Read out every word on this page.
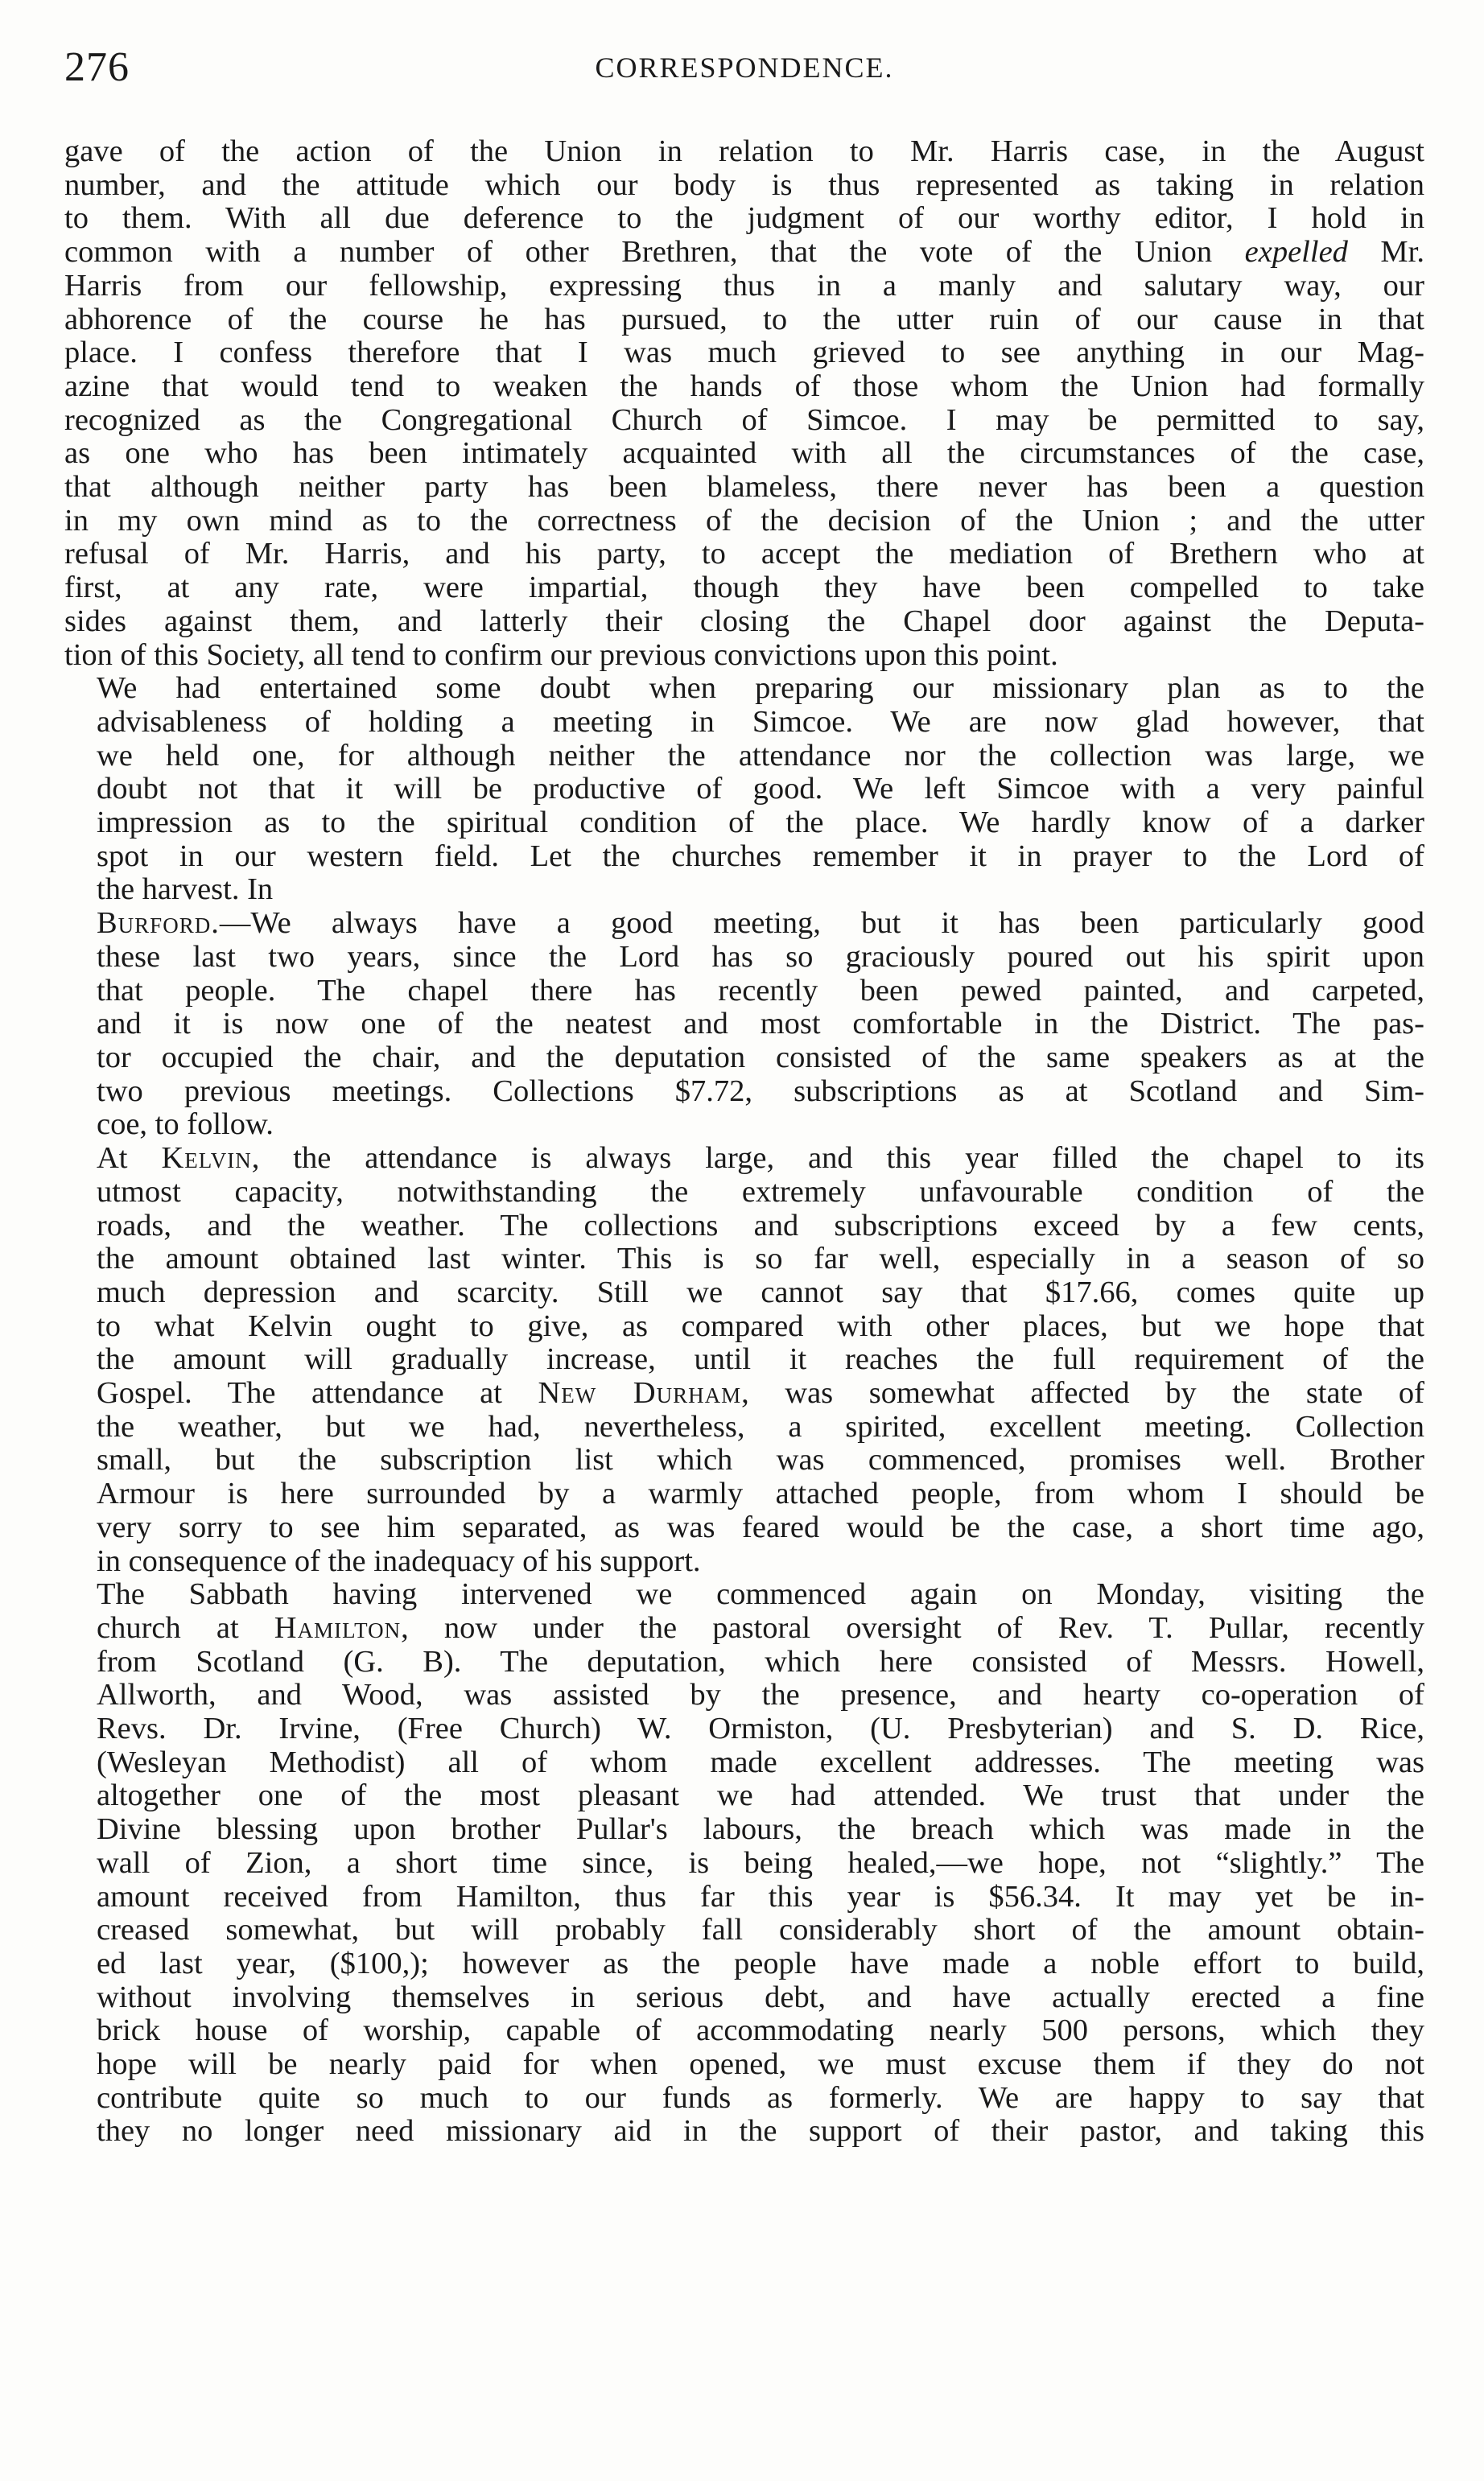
276	CORRESPONDENCE.

gave of the action of the Union in relation to Mr. Harris case, in the August
number, and the attitude which our body is thus represented as taking in relation
to them. With all due deference to the judgment of our worthy editor, I hold in
common with a number of other Brethren, that the vote of the Union expelled Mr.
Harris from our fellowship, expressing thus in a manly and salutary way, our
abhorence of the course he has pursued, to the utter ruin of our cause in that
place. I confess therefore that I was much grieved to see anything in our Mag-
azine that would tend to weaken the hands of those whom the Union had formally
recognized as the Congregational Church of Simcoe. I may be permitted to say,
as one who has been intimately acquainted with all the circumstances of the case,
that although neither party has been blameless, there never has been a question
in my own mind as to the correctness of the decision of the Union ; and the utter
refusal of Mr. Harris, and his party, to accept the mediation of Brethern who at
first, at any rate, were impartial, though they have been compelled to take
sides against them, and latterly their closing the Chapel door against the Deputa-
tion of this Society, all tend to confirm our previous convictions upon this point.

We had entertained some doubt when preparing our missionary plan as to the
advisableness of holding a meeting in Simcoe. We are now glad however, that
we held one, for although neither the attendance nor the collection was large, we
doubt not that it will be productive of good. We left Simcoe with a very painful
impression as to the spiritual condition of the place. We hardly know of a darker
spot in our western field. Let the churches remember it in prayer to the Lord of
the harvest. In

Burford.—We always have a good meeting, but it has been particularly good
these last two years, since the Lord has so graciously poured out his spirit upon
that people. The chapel there has recently been pewed painted, and carpeted,
and it is now one of the neatest and most comfortable in the District. The pas-
tor occupied the chair, and the deputation consisted of the same speakers as at the
two previous meetings. Collections $7.72, subscriptions as at Scotland and Sim-
coe, to follow.

At Kelvin, the attendance is always large, and this year filled the chapel to its
utmost capacity, notwithstanding the extremely unfavourable condition of the
roads, and the weather. The collections and subscriptions exceed by a few cents,
the amount obtained last winter. This is so far well, especially in a season of so
much depression and scarcity. Still we cannot say that $17.66, comes quite up
to what Kelvin ought to give, as compared with other places, but we hope that
the amount will gradually increase, until it reaches the full requirement of the
Gospel. The attendance at New Durham, was somewhat affected by the state of
the weather, but we had, nevertheless, a spirited, excellent meeting. Collection
small, but the subscription list which was commenced, promises well. Brother
Armour is here surrounded by a warmly attached people, from whom I should be
very sorry to see him separated, as was feared would be the case, a short time ago,
in consequence of the inadequacy of his support.

The Sabbath having intervened we commenced again on Monday, visiting the
church at Hamilton, now under the pastoral oversight of Rev. T. Pullar, recently
from Scotland (G. B). The deputation, which here consisted of Messrs. Howell,
Allworth, and Wood, was assisted by the presence, and hearty co-operation of
Revs. Dr. Irvine, (Free Church) W. Ormiston, (U. Presbyterian) and S. D. Rice,
(Wesleyan Methodist) all of whom made excellent addresses. The meeting was
altogether one of the most pleasant we had attended. We trust that under the
Divine blessing upon brother Pullar's labours, the breach which was made in the
wall of Zion, a short time since, is being healed,—we hope, not “slightly.” The
amount received from Hamilton, thus far this year is $56.34. It may yet be in-
creased somewhat, but will probably fall considerably short of the amount obtain-
ed last year, ($100,); however as the people have made a noble effort to build,
without involving themselves in serious debt, and have actually erected a fine
brick house of worship, capable of accommodating nearly 500 persons, which they
hope will be nearly paid for when opened, we must excuse them if they do not
contribute quite so much to our funds as formerly. We are happy to say that
they no longer need missionary aid in the support of their pastor, and taking this
